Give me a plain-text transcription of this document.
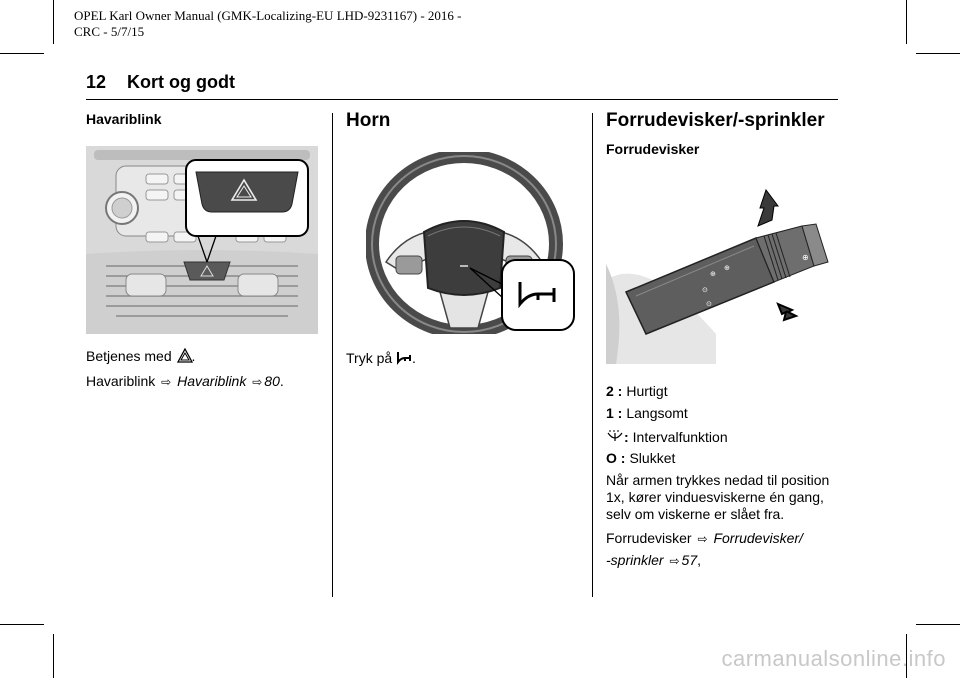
OPEL Karl Owner Manual (GMK-Localizing-EU LHD-9231167) - 2016 -
CRC - 5/7/15
12 Kort og godt
Havariblink
Betjenes med .
Havariblink ⇨ Havariblink ⇨ 80.
Horn
Tryk på .
Forrudevisker/-sprinkler
Forrudevisker
⊕
⊕
⊙
⊙
⊕
2 : Hurtigt
1 : Langsomt
: Intervalfunktion
O : Slukket
Når armen trykkes nedad til position
1x, kører vinduesviskerne én gang,
selv om viskerne er slået fra.
Forrudevisker ⇨ Forrudevisker/
-sprinkler ⇨ 57,
carmanualsonline.info
